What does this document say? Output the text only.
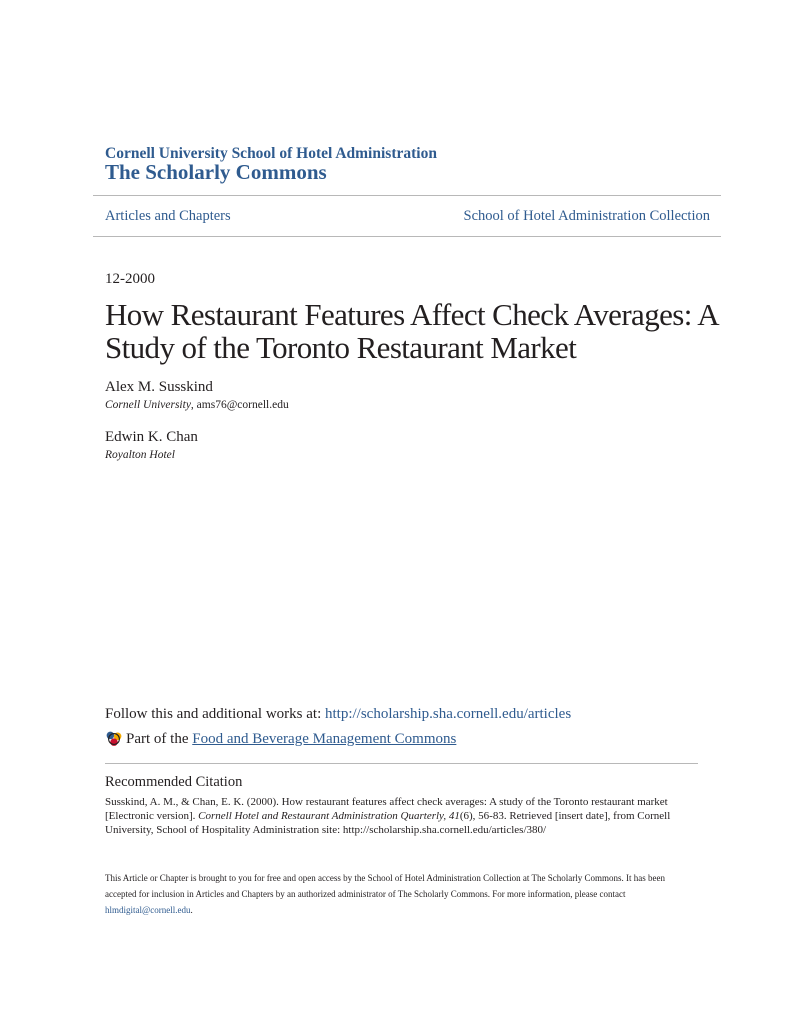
Cornell University School of Hotel Administration
The Scholarly Commons
Articles and Chapters	School of Hotel Administration Collection
12-2000
How Restaurant Features Affect Check Averages: A Study of the Toronto Restaurant Market
Alex M. Susskind
Cornell University, ams76@cornell.edu
Edwin K. Chan
Royalton Hotel
Follow this and additional works at: http://scholarship.sha.cornell.edu/articles
Part of the Food and Beverage Management Commons
Recommended Citation
Susskind, A. M., & Chan, E. K. (2000). How restaurant features affect check averages: A study of the Toronto restaurant market [Electronic version]. Cornell Hotel and Restaurant Administration Quarterly, 41(6), 56-83. Retrieved [insert date], from Cornell University, School of Hospitality Administration site: http://scholarship.sha.cornell.edu/articles/380/
This Article or Chapter is brought to you for free and open access by the School of Hotel Administration Collection at The Scholarly Commons. It has been accepted for inclusion in Articles and Chapters by an authorized administrator of The Scholarly Commons. For more information, please contact hlmdigital@cornell.edu.
